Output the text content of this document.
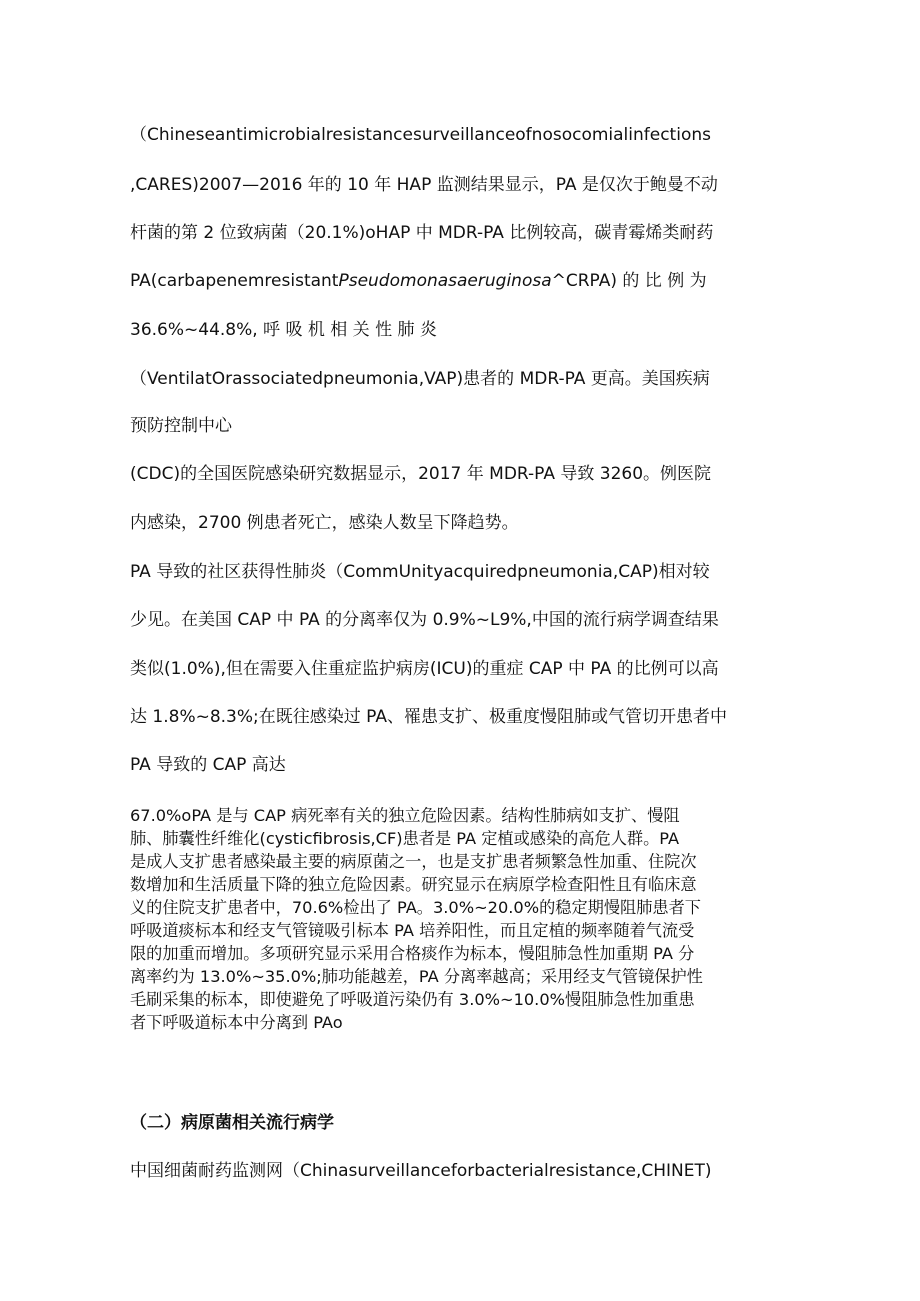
（Chineseantimicrobialresistancesurveillanceofnosocomialinfections
,CARES)2007—2016 年的 10 年 HAP 监测结果显示，PA 是仅次于鲍曼不动
杆菌的第 2 位致病菌（20.1%)oHAP 中 MDR-PA 比例较高，碳青霉烯类耐药
PA(carbapenemresistantPseudomonasaeruginosa^CRPA) 的 比 例 为
36.6%~44.8%, 呼 吸 机 相 关 性 肺 炎
（VentilatOrassociatedpneumonia,VAP)患者的 MDR-PA 更高。美国疾病
预防控制中心
(CDC)的全国医院感染研究数据显示，2017 年 MDR-PA 导致 3260。例医院
内感染，2700 例患者死亡，感染人数呈下降趋势。
PA 导致的社区获得性肺炎（CommUnityacquiredpneumonia,CAP)相对较
少见。在美国 CAP 中 PA 的分离率仅为 0.9%~L9%,中国的流行病学调查结果
类似(1.0%),但在需要入住重症监护病房(ICU)的重症 CAP 中 PA 的比例可以高
达 1.8%~8.3%;在既往感染过 PA、罹患支扩、极重度慢阻肺或气管切开患者中
PA 导致的 CAP 高达
67.0%oPA 是与 CAP 病死率有关的独立危险因素。结构性肺病如支扩、慢阻
肺、肺囊性纤维化(cysticfibrosis,CF)患者是 PA 定植或感染的高危人群。PA
是成人支扩患者感染最主要的病原菌之一，也是支扩患者频繁急性加重、住院次
数增加和生活质量下降的独立危险因素。研究显示在病原学检查阳性且有临床意
义的住院支扩患者中，70.6%检出了 PA。3.0%~20.0%的稳定期慢阻肺患者下
呼吸道痰标本和经支气管镜吸引标本 PA 培养阳性，而且定植的频率随着气流受
限的加重而增加。多项研究显示采用合格痰作为标本，慢阻肺急性加重期 PA 分
离率约为 13.0%~35.0%;肺功能越差，PA 分离率越高；采用经支气管镜保护性
毛刷采集的标本，即使避免了呼吸道污染仍有 3.0%~10.0%慢阻肺急性加重患
者下呼吸道标本中分离到 PAo
（二）病原菌相关流行病学
中国细菌耐药监测网（Chinasurveillanceforbacterialresistance,CHINET)
